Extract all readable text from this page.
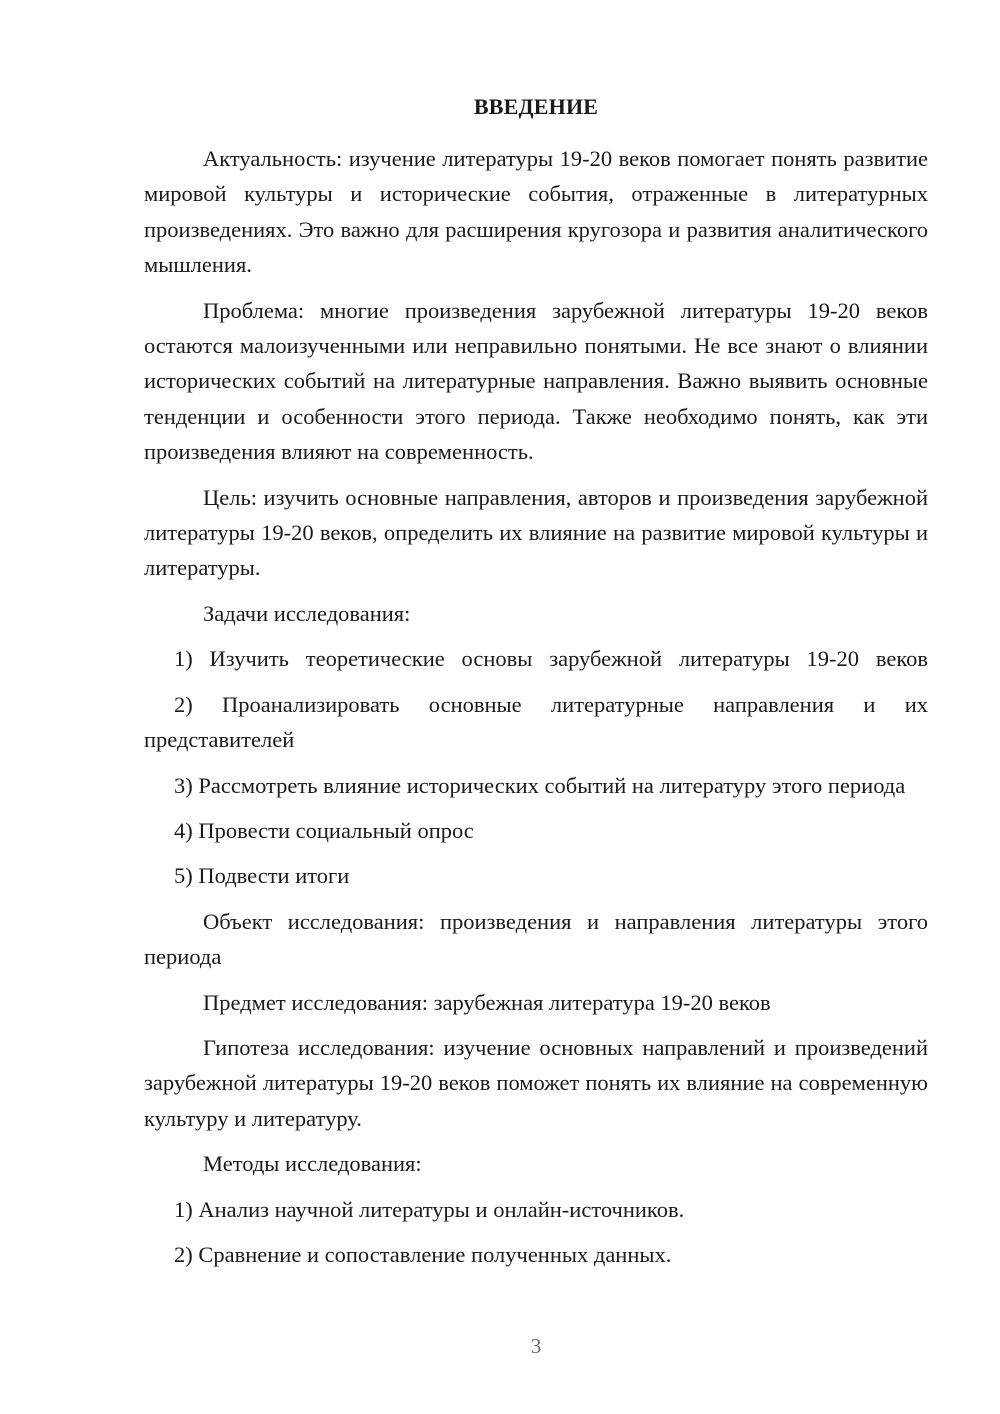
ВВЕДЕНИЕ

Актуальность: изучение литературы 19-20 веков помогает понять развитие мировой культуры и исторические события, отраженные в литературных произведениях. Это важно для расширения кругозора и развития аналитического мышления.

Проблема: многие произведения зарубежной литературы 19-20 веков остаются малоизученными или неправильно понятыми. Не все знают о влиянии исторических событий на литературные направления. Важно выявить основные тенденции и особенности этого периода. Также необходимо понять, как эти произведения влияют на современность.

Цель: изучить основные направления, авторов и произведения зарубежной литературы 19-20 веков, определить их влияние на развитие мировой культуры и литературы.

Задачи исследования:

1) Изучить теоретические основы зарубежной литературы 19-20 веков

2) Проанализировать основные литературные направления и их представителей

3) Рассмотреть влияние исторических событий на литературу этого периода

4) Провести социальный опрос

5) Подвести итоги

Объект исследования: произведения и направления литературы этого периода

Предмет исследования: зарубежная литература 19-20 веков

Гипотеза исследования: изучение основных направлений и произведений зарубежной литературы 19-20 веков поможет понять их влияние на современную культуру и литературу.

Методы исследования:

1) Анализ научной литературы и онлайн-источников.

2) Сравнение и сопоставление полученных данных.

3
